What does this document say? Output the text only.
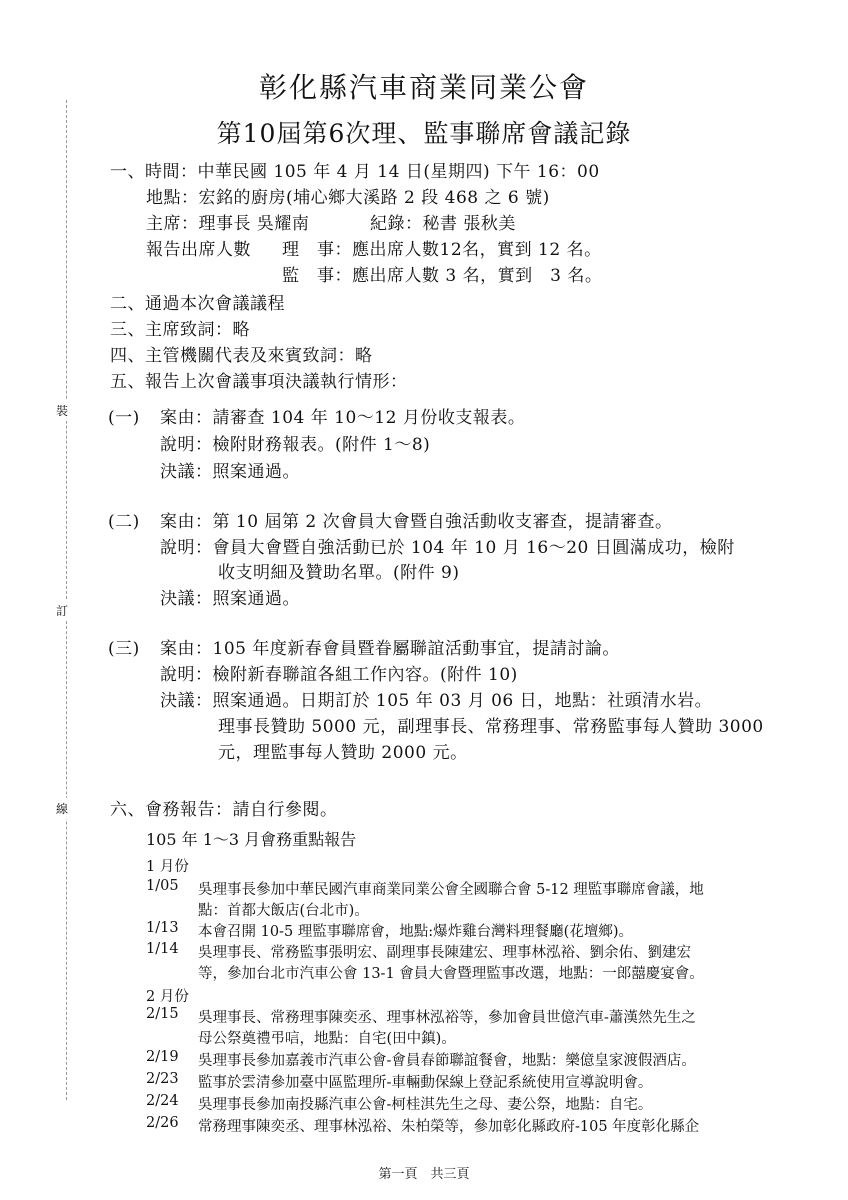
裝
訂
線
彰化縣汽車商業同業公會
第10屆第6次理、監事聯席會議記錄
一、時間：中華民國 105 年 4 月 14 日(星期四) 下午 16：00
地點：宏銘的廚房(埔心鄉大溪路 2 段 468 之 6 號)
主席：理事長 吳耀南	紀錄：秘書 張秋美
報告出席人數 理　事：應出席人數12名，實到 12 名。
監　事：應出席人數 3 名，實到　3 名。
二、通過本次會議議程
三、主席致詞：略
四、主管機關代表及來賓致詞：略
五、報告上次會議事項決議執行情形：
(一) 案由：請審查 104 年 10～12 月份收支報表。
說明：檢附財務報表。(附件 1～8)
決議：照案通過。
(二) 案由：第 10 屆第 2 次會員大會暨自強活動收支審查，提請審查。
說明：會員大會暨自強活動已於 104 年 10 月 16～20 日圓滿成功，檢附
收支明細及贊助名單。(附件 9)
決議：照案通過。
(三) 案由：105 年度新春會員暨眷屬聯誼活動事宜，提請討論。
說明：檢附新春聯誼各組工作內容。(附件 10)
決議：照案通過。日期訂於 105 年 03 月 06 日，地點：社頭清水岩。
理事長贊助 5000 元，副理事長、常務理事、常務監事每人贊助 3000
元，理監事每人贊助 2000 元。
六、會務報告：請自行參閱。
105 年 1～3 月會務重點報告
1 月份
1/05 吳理事長參加中華民國汽車商業同業公會全國聯合會 5-12 理監事聯席會議，地
點：首都大飯店(台北市)。
1/13 本會召開 10-5 理監事聯席會，地點:爆炸雞台灣料理餐廳(花壇鄉)。
1/14 吳理事長、常務監事張明宏、副理事長陳建宏、理事林泓裕、劉余佑、劉建宏
等，參加台北市汽車公會 13-1 會員大會暨理監事改選，地點：一郎囍慶宴會。
2 月份
2/15 吳理事長、常務理事陳奕丞、理事林泓裕等，參加會員世億汽車-蕭漢然先生之
母公祭奠禮弔唁，地點：自宅(田中鎮)。
2/19 吳理事長參加嘉義市汽車公會-會員春節聯誼餐會，地點：樂億皇家渡假酒店。
2/23 監事於雲清參加臺中區監理所-車輛動保線上登記系統使用宣導說明會。
2/24 吳理事長參加南投縣汽車公會-柯桂淇先生之母、妻公祭，地點：自宅。
2/26 常務理事陳奕丞、理事林泓裕、朱柏榮等，參加彰化縣政府-105 年度彰化縣企
第一頁　共三頁
